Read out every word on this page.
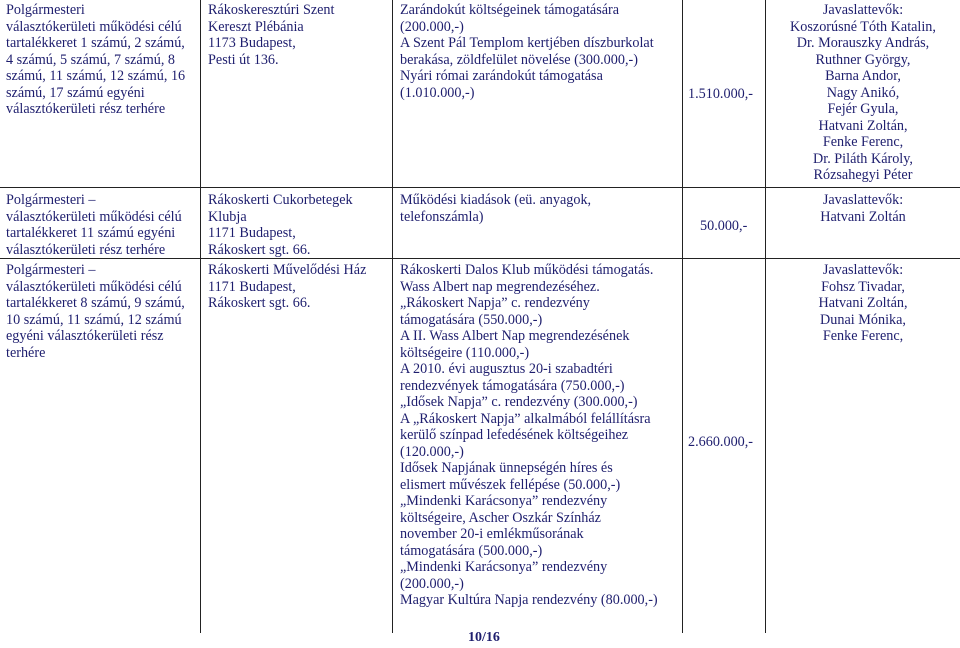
Polgármesteri

választókerületi működési célú

tartalékkeret 1 számú, 2 számú,

4 számú, 5 számú, 7 számú, 8

számú, 11 számú, 12 számú, 16

számú, 17 számú egyéni

választókerületi rész terhére

Rákoskeresztúri Szent

Kereszt Plébánia

1173 Budapest,

Pesti út 136.

Zarándokút költségeinek támogatására

(200.000,-)

A Szent Pál Templom kertjében díszburkolat

berakása, zöldfelület növelése (300.000,-)

Nyári római zarándokút támogatása

(1.010.000,-)	1.510.000,-

Javaslattevők:

Koszorúsné Tóth Katalin,

Dr. Morauszky András,

Ruthner György,

Barna Andor,

Nagy Anikó,

Fejér Gyula,

Hatvani Zoltán,

Fenke Ferenc,

Dr. Piláth Károly,

Rózsahegyi Péter

Polgármesteri –

választókerületi működési célú

tartalékkeret 11 számú egyéni

választókerületi rész terhére

Rákoskerti Cukorbetegek

Klubja

1171 Budapest,

Rákoskert sgt. 66.

Működési kiadások (eü. anyagok,

telefonszámla)

50.000,-

Javaslattevők:

Hatvani Zoltán

Polgármesteri –

választókerületi működési célú

tartalékkeret 8 számú, 9 számú,

10 számú, 11 számú, 12 számú

egyéni választókerületi rész

terhére

Rákoskerti Művelődési Ház

1171 Budapest,

Rákoskert sgt. 66.

Rákoskerti Dalos Klub működési támogatás.

Wass Albert nap megrendezéséhez.

„Rákoskert Napja” c. rendezvény

támogatására (550.000,-)

A II. Wass Albert Nap megrendezésének

költségeire (110.000,-)

A 2010. évi augusztus 20-i szabadtéri

rendezvények támogatására (750.000,-)

„Idősek Napja” c. rendezvény (300.000,-)

A „Rákoskert Napja” alkalmából felállításra

kerülő színpad lefedésének költségeihez

(120.000,-)

Idősek Napjának ünnepségén híres és

elismert művészek fellépése (50.000,-)

„Mindenki Karácsonya” rendezvény

költségeire, Ascher Oszkár Színház

november 20-i emlékműsorának

támogatására (500.000,-)

„Mindenki Karácsonya” rendezvény

(200.000,-)

Magyar Kultúra Napja rendezvény (80.000,-)

2.660.000,-

Javaslattevők:

Fohsz Tivadar,

Hatvani Zoltán,

Dunai Mónika,

Fenke Ferenc,

10/16
